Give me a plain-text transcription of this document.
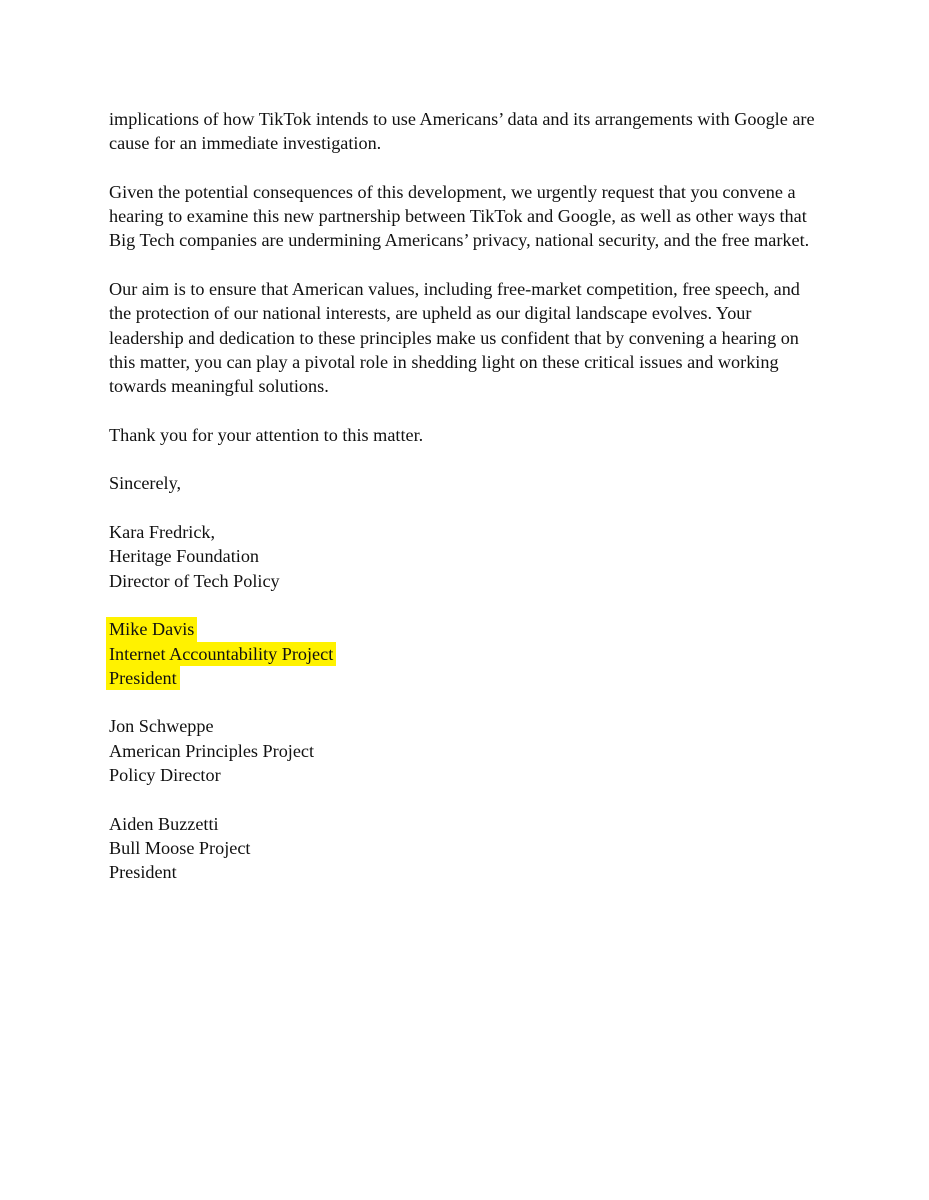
implications of how TikTok intends to use Americans’ data and its arrangements with Google are
cause for an immediate investigation.
Given the potential consequences of this development, we urgently request that you convene a
hearing to examine this new partnership between TikTok and Google, as well as other ways that
Big Tech companies are undermining Americans’ privacy, national security, and the free market.
Our aim is to ensure that American values, including free-market competition, free speech, and
the protection of our national interests, are upheld as our digital landscape evolves. Your
leadership and dedication to these principles make us confident that by convening a hearing on
this matter, you can play a pivotal role in shedding light on these critical issues and working
towards meaningful solutions.
Thank you for your attention to this matter.
Sincerely,
Kara Fredrick,
Heritage Foundation
Director of Tech Policy
Mike Davis
Internet Accountability Project
President
Jon Schweppe
American Principles Project
Policy Director
Aiden Buzzetti
Bull Moose Project
President
